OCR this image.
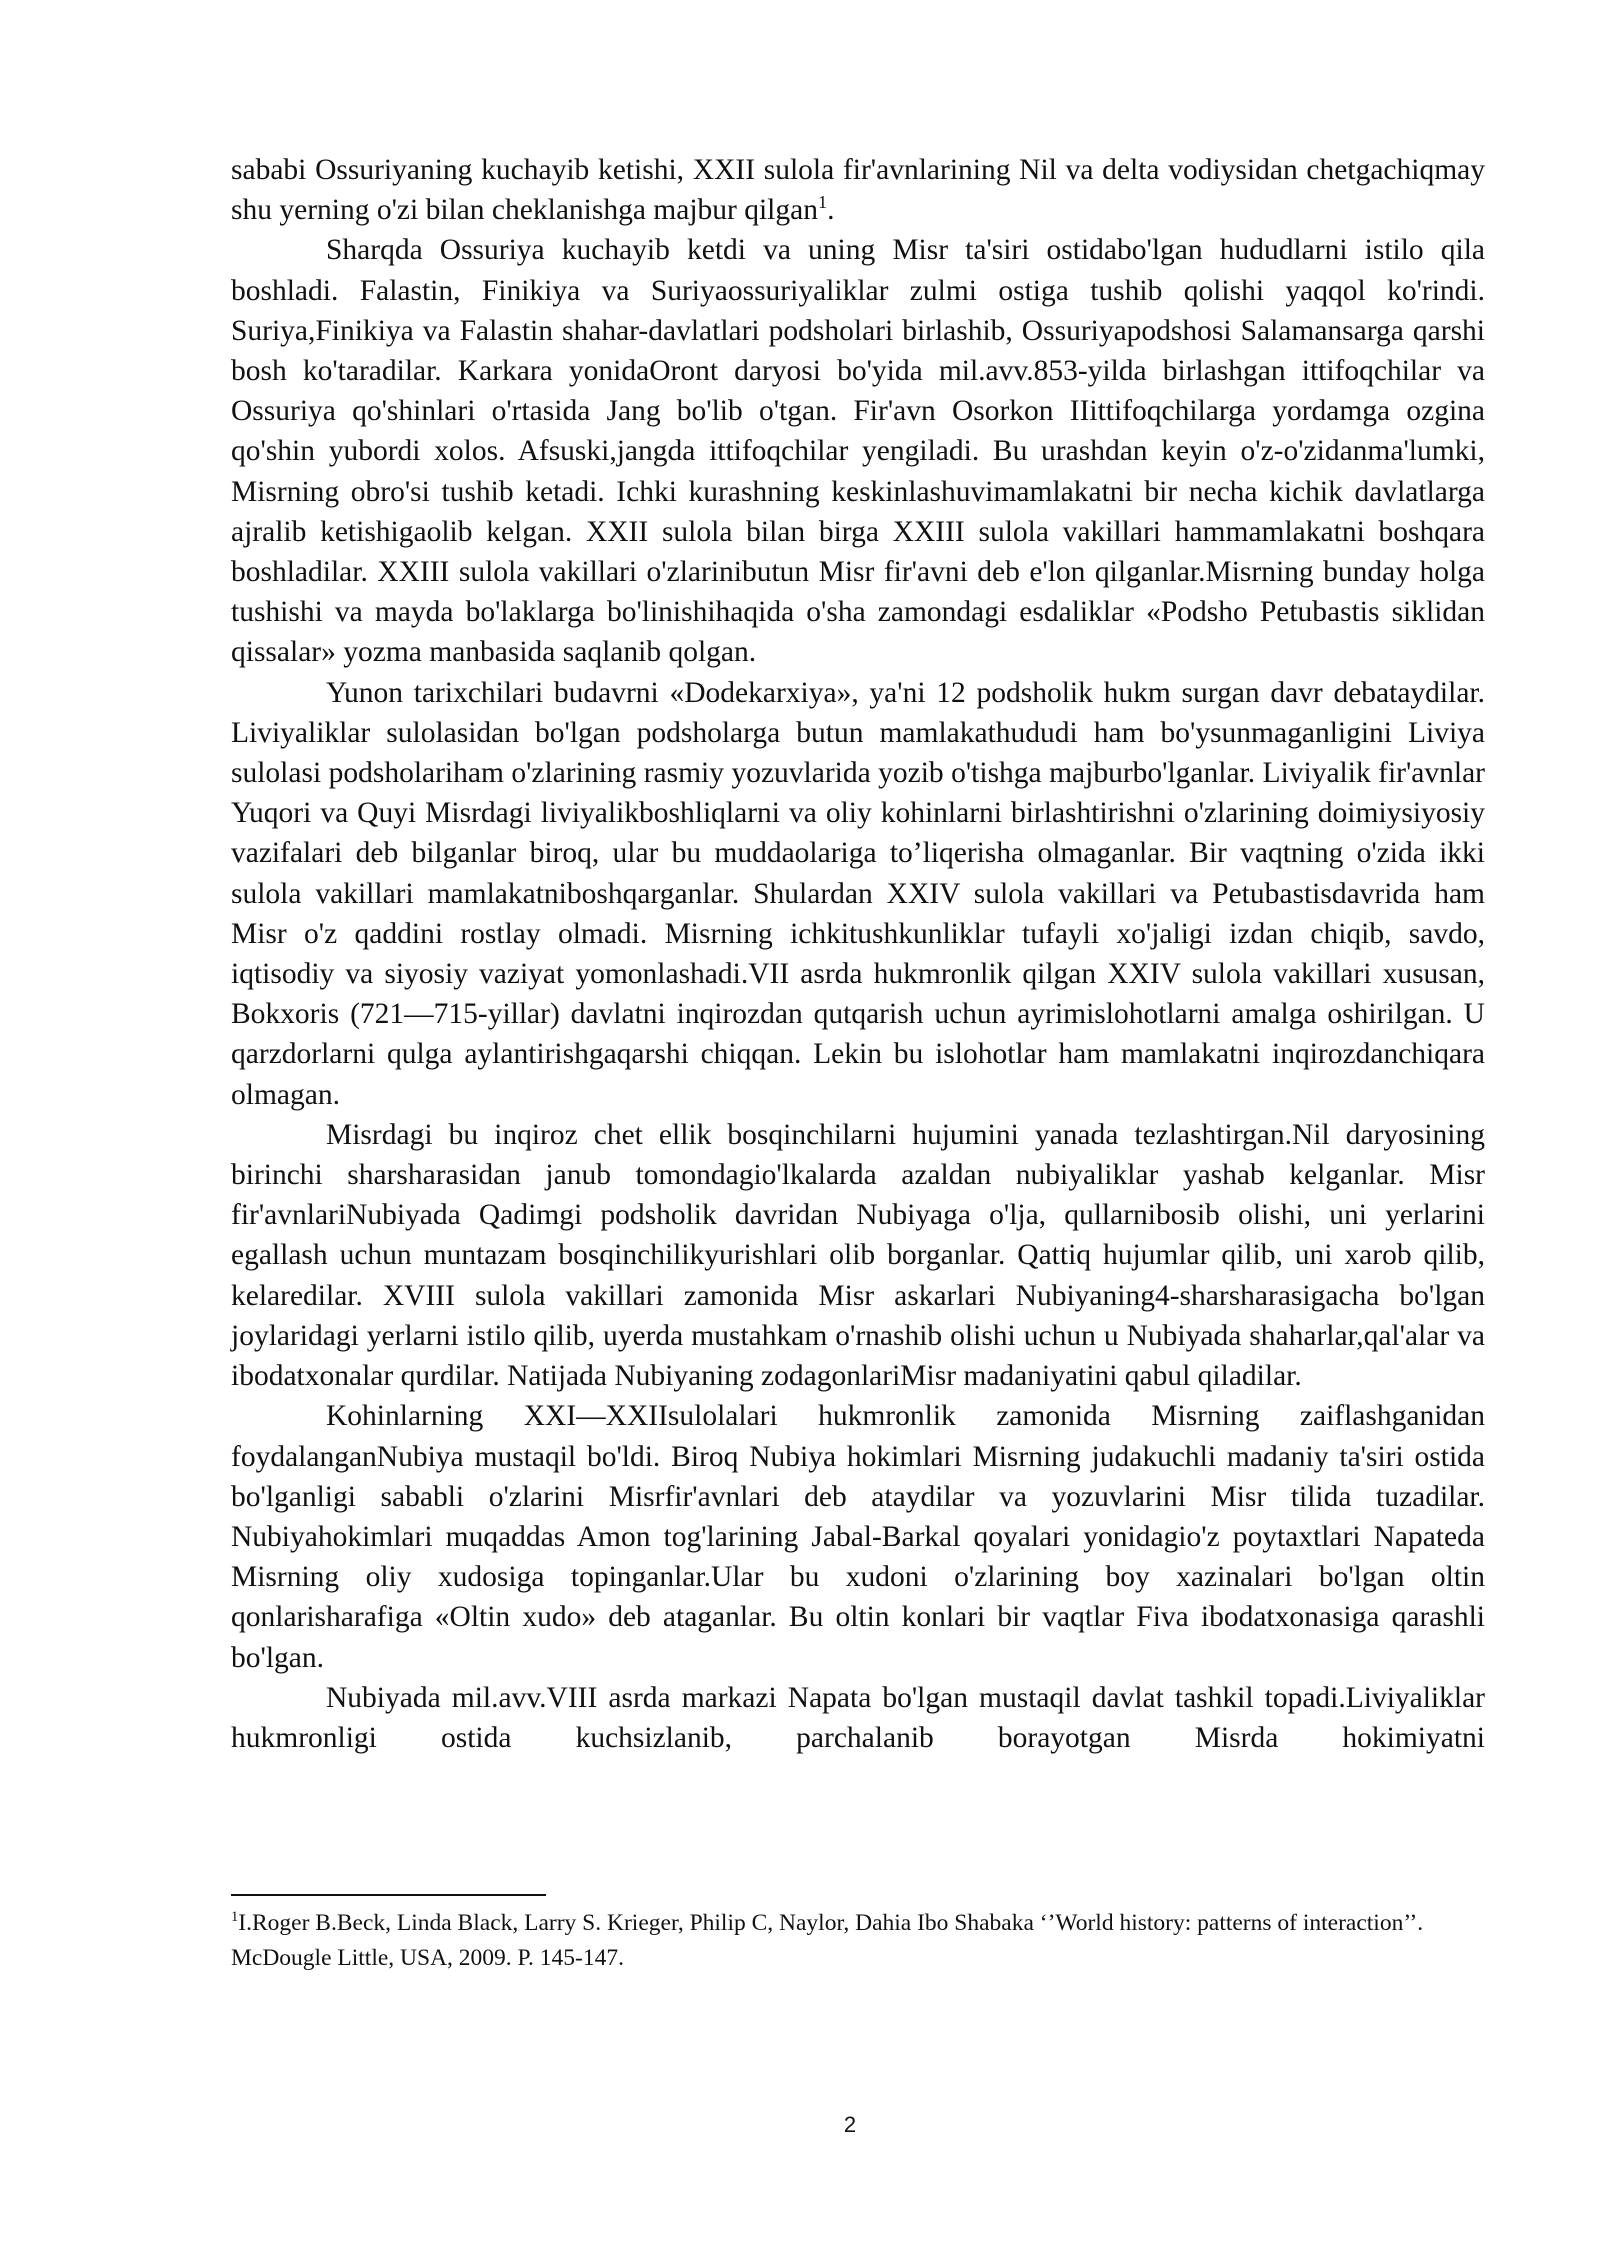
sababi Ossuriyaning kuchayib ketishi, XXII sulola fir'avnlarining Nil va delta vodiysidan chetgachiqmay shu yerning o'zi bilan cheklanishga majbur qilgan$^1$.

Sharqda Ossuriya kuchayib ketdi va uning Misr ta'siri ostidabo'lgan hududlarni istilo qila boshladi. Falastin, Finikiya va Suriyaossuriyaliklar zulmi ostiga tushib qolishi yaqqol ko'rindi. Suriya,Finikiya va Falastin shahar-davlatlari podsholari birlashib, Ossuriyapodshosi Salamansarga qarshi bosh ko'taradilar. Karkara yonidaOront daryosi bo'yida mil.avv.853-yilda birlashgan ittifoqchilar va Ossuriya qo'shinlari o'rtasida Jang bo'lib o'tgan. Fir'avn Osorkon IIittifoqchilarga yordamga ozgina qo'shin yubordi xolos. Afsuski,jangda ittifoqchilar yengiladi. Bu urashdan keyin o'z-o'zidanma'lumki, Misrning obro'si tushib ketadi. Ichki kurashning keskinlashuvimamlakatni bir necha kichik davlatlarga ajralib ketishigaolib kelgan. XXII sulola bilan birga XXIII sulola vakillari hammamlakatni boshqara boshladilar. XXIII sulola vakillari o'zlarinibutun Misr fir'avni deb e'lon qilganlar.Misrning bunday holga tushishi va mayda bo'laklarga bo'linishihaqida o'sha zamondagi esdaliklar «Podsho Petubastis siklidan qissalar» yozma manbasida saqlanib qolgan.

Yunon tarixchilari budavrni «Dodekarxiya», ya'ni 12 podsholik hukm surgan davr debataydilar. Liviyaliklar sulolasidan bo'lgan podsholarga butun mamlakathududi ham bo'ysunmaganligini Liviya sulolasi podsholariham o'zlarining rasmiy yozuvlarida yozib o'tishga majburbo'lganlar. Liviyalik fir'avnlar Yuqori va Quyi Misrdagi liviyalikboshliqlarni va oliy kohinlarni birlashtirishni o'zlarining doimiysiyosiy vazifalari deb bilganlar biroq, ular bu muddaolariga to’liqerisha olmaganlar. Bir vaqtning o'zida ikki sulola vakillari mamlakatniboshqarganlar. Shulardan XXIV sulola vakillari va Petubastisdavrida ham Misr o'z qaddini rostlay olmadi. Misrning ichkitushkunliklar tufayli xo'jaligi izdan chiqib, savdo, iqtisodiy va siyosiy vaziyat yomonlashadi.VII asrda hukmronlik qilgan XXIV sulola vakillari xususan, Bokxoris (721—715-yillar) davlatni inqirozdan qutqarish uchun ayrimislohotlarni amalga oshirilgan. U qarzdorlarni qulga aylantirishgaqarshi chiqqan. Lekin bu islohotlar ham mamlakatni inqirozdanchiqara olmagan.

Misrdagi bu inqiroz chet ellik bosqinchilarni hujumini yanada tezlashtirgan.Nil daryosining birinchi sharsharasidan janub tomondagio'lkalarda azaldan nubiyaliklar yashab kelganlar. Misr fir'avnlariNubiyada Qadimgi podsholik davridan Nubiyaga o'lja, qullarnibosib olishi, uni yerlarini egallash uchun muntazam bosqinchilikyurishlari olib borganlar. Qattiq hujumlar qilib, uni xarob qilib, kelaredilar. XVIII sulola vakillari zamonida Misr askarlari Nubiyaning4-sharsharasigacha bo'lgan joylaridagi yerlarni istilo qilib, uyerda mustahkam o'rnashib olishi uchun u Nubiyada shaharlar,qal'alar va ibodatxonalar qurdilar. Natijada Nubiyaning zodagonlariMisr madaniyatini qabul qiladilar.

Kohinlarning XXI—XXIIsulolalari hukmronlik zamonida Misrning zaiflashganidan foydalanganNubiya mustaqil bo'ldi. Biroq Nubiya hokimlari Misrning judakuchli madaniy ta'siri ostida bo'lganligi sababli o'zlarini Misrfir'avnlari deb ataydilar va yozuvlarini Misr tilida tuzadilar. Nubiyahokimlari muqaddas Amon tog'larining Jabal-Barkal qoyalari yonidagio'z poytaxtlari Napateda Misrning oliy xudosiga topinganlar.Ular bu xudoni o'zlarining boy xazinalari bo'lgan oltin qonlarisharafiga «Oltin xudo» deb ataganlar. Bu oltin konlari bir vaqtlar Fiva ibodatxonasiga qarashli bo'lgan.

Nubiyada mil.avv.VIII asrda markazi Napata bo'lgan mustaqil davlat tashkil topadi.Liviyaliklar hukmronligi ostida kuchsizlanib, parchalanib borayotgan Misrda hokimiyatni

$^1$I.Roger B.Beck, Linda Black, Larry S. Krieger, Philip C, Naylor, Dahia Ibo Shabaka ‘’World history: patterns of interaction’’. McDougle Little, USA, 2009. P. 145-147.

2
